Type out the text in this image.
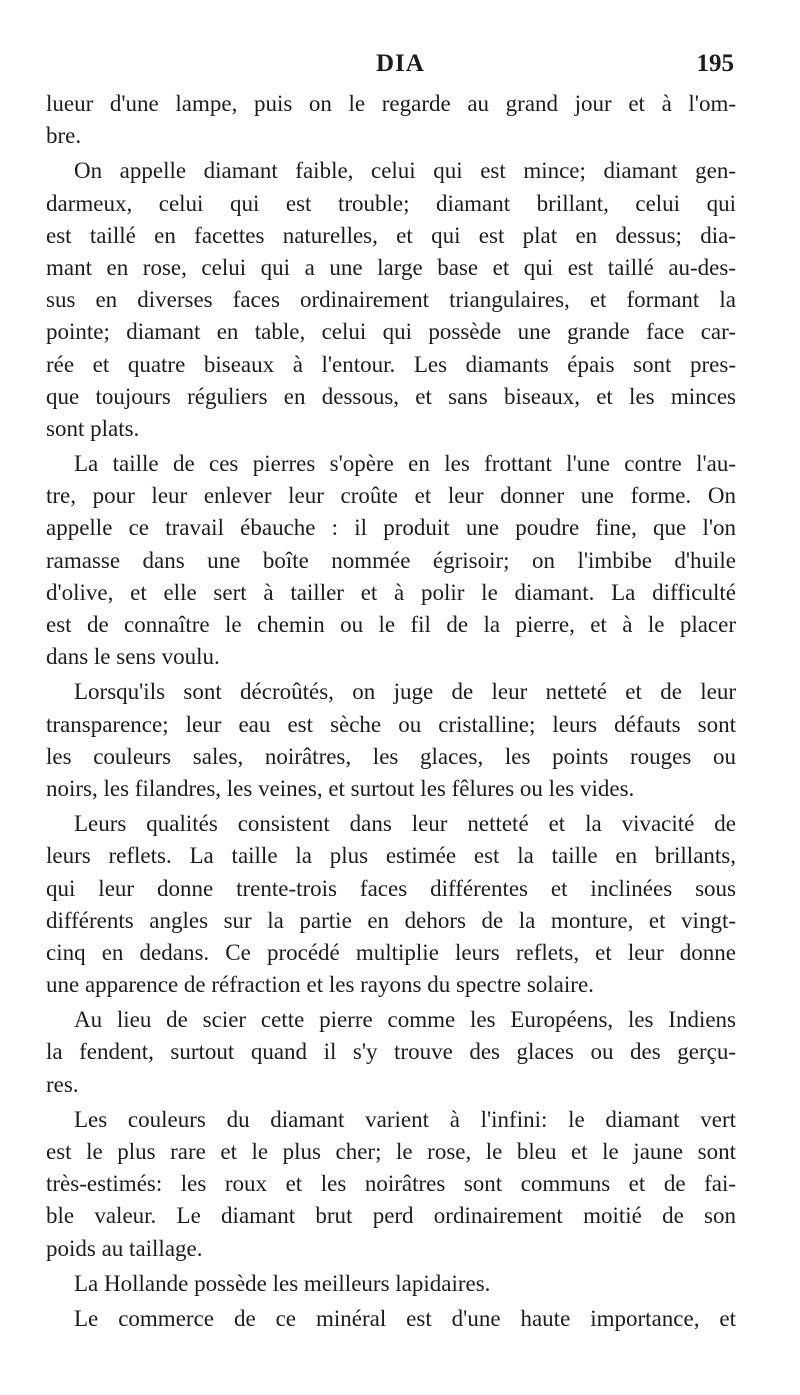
DIA	195
lueur d'une lampe, puis on le regarde au grand jour et à l'om-
bre.
On appelle diamant faible, celui qui est mince; diamant gen-
darmeux, celui qui est trouble; diamant brillant, celui qui
est taillé en facettes naturelles, et qui est plat en dessus; dia-
mant en rose, celui qui a une large base et qui est taillé au-des-
sus en diverses faces ordinairement triangulaires, et formant la
pointe; diamant en table, celui qui possède une grande face car-
rée et quatre biseaux à l'entour. Les diamants épais sont pres-
que toujours réguliers en dessous, et sans biseaux, et les minces
sont plats.
La taille de ces pierres s'opère en les frottant l'une contre l'au-
tre, pour leur enlever leur croûte et leur donner une forme. On
appelle ce travail ébauche : il produit une poudre fine, que l'on
ramasse dans une boîte nommée égrisoir; on l'imbibe d'huile
d'olive, et elle sert à tailler et à polir le diamant. La difficulté
est de connaître le chemin ou le fil de la pierre, et à le placer
dans le sens voulu.
Lorsqu'ils sont décroûtés, on juge de leur netteté et de leur
transparence; leur eau est sèche ou cristalline; leurs défauts sont
les couleurs sales, noirâtres, les glaces, les points rouges ou
noirs, les filandres, les veines, et surtout les fêlures ou les vides.
Leurs qualités consistent dans leur netteté et la vivacité de
leurs reflets. La taille la plus estimée est la taille en brillants,
qui leur donne trente-trois faces différentes et inclinées sous
différents angles sur la partie en dehors de la monture, et vingt-
cinq en dedans. Ce procédé multiplie leurs reflets, et leur donne
une apparence de réfraction et les rayons du spectre solaire.
Au lieu de scier cette pierre comme les Européens, les Indiens
la fendent, surtout quand il s'y trouve des glaces ou des gerçu-
res.
Les couleurs du diamant varient à l'infini: le diamant vert
est le plus rare et le plus cher; le rose, le bleu et le jaune sont
très-estimés: les roux et les noirâtres sont communs et de fai-
ble valeur. Le diamant brut perd ordinairement moitié de son
poids au taillage.
La Hollande possède les meilleurs lapidaires.
Le commerce de ce minéral est d'une haute importance, et
